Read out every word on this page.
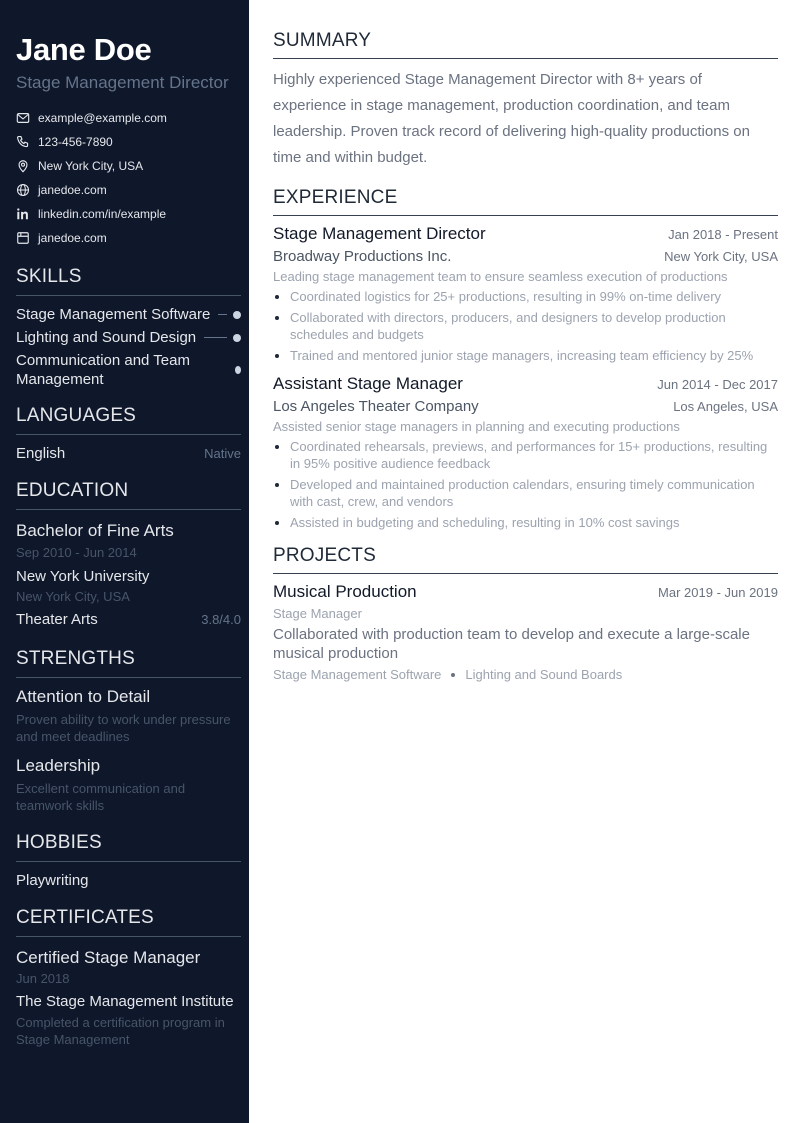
Jane Doe
Stage Management Director
example@example.com
123-456-7890
New York City, USA
janedoe.com
linkedin.com/in/example
janedoe.com
SKILLS
Stage Management Software
Lighting and Sound Design
Communication and Team Management
LANGUAGES
English	Native
EDUCATION
Bachelor of Fine Arts
Sep 2010 - Jun 2014
New York University
New York City, USA
Theater Arts	3.8/4.0
STRENGTHS
Attention to Detail
Proven ability to work under pressure and meet deadlines
Leadership
Excellent communication and teamwork skills
HOBBIES
Playwriting
CERTIFICATES
Certified Stage Manager
Jun 2018
The Stage Management Institute
Completed a certification program in Stage Management
SUMMARY

Highly experienced Stage Management Director with 8+ years of experience in stage management, production coordination, and team leadership. Proven track record of delivering high-quality productions on time and within budget.

EXPERIENCE
Stage Management Director	Jan 2018 - Present
Broadway Productions Inc.	New York City, USA
Leading stage management team to ensure seamless execution of productions
Coordinated logistics for 25+ productions, resulting in 99% on-time delivery
Collaborated with directors, producers, and designers to develop production schedules and budgets
Trained and mentored junior stage managers, increasing team efficiency by 25%
Assistant Stage Manager	Jun 2014 - Dec 2017
Los Angeles Theater Company	Los Angeles, USA
Assisted senior stage managers in planning and executing productions
Coordinated rehearsals, previews, and performances for 15+ productions, resulting in 95% positive audience feedback
Developed and maintained production calendars, ensuring timely communication with cast, crew, and vendors
Assisted in budgeting and scheduling, resulting in 10% cost savings
PROJECTS
Musical Production	Mar 2019 - Jun 2019
Stage Manager
Collaborated with production team to develop and execute a large-scale musical production
Stage Management Software Lighting and Sound Boards
